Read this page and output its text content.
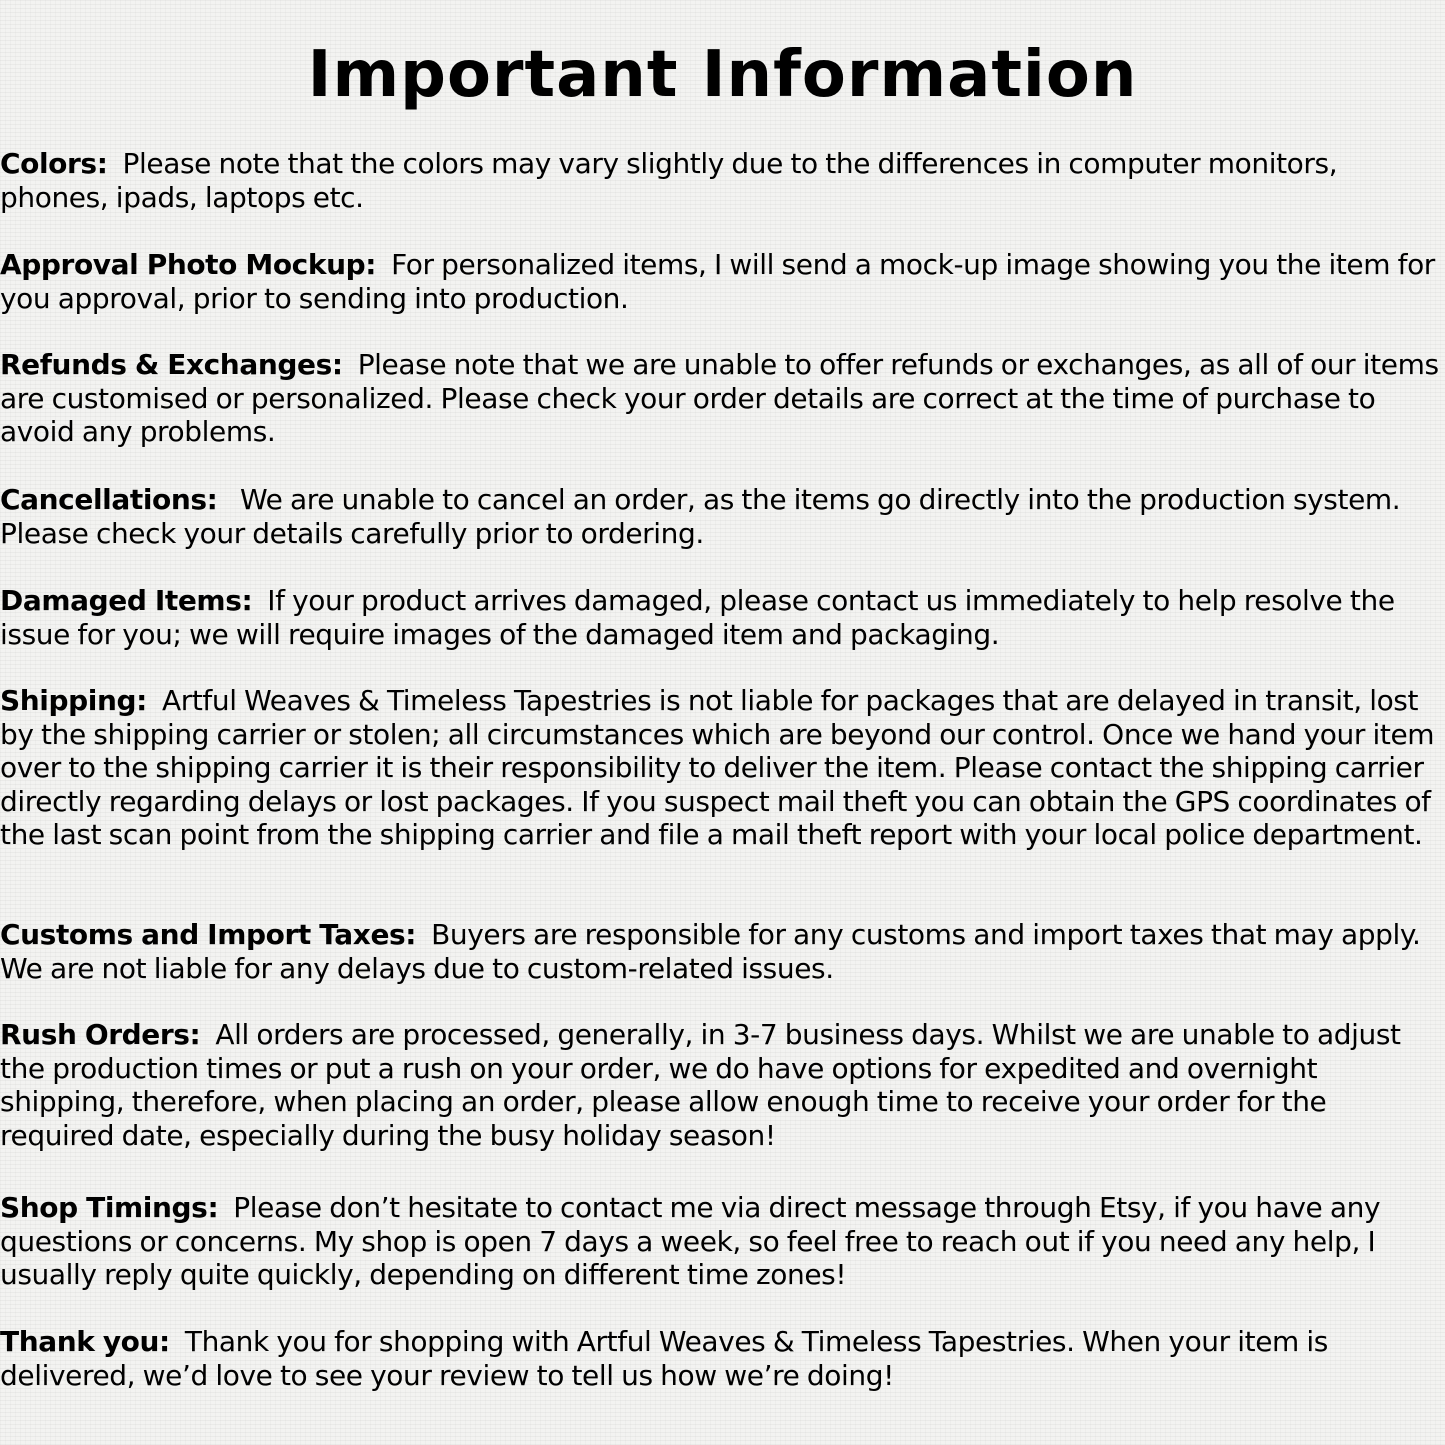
Important Information

Colors: Please note that the colors may vary slightly due to the differences in computer monitors, phones, ipads, laptops etc.

Approval Photo Mockup: For personalized items, I will send a mock-up image showing you the item for you approval, prior to sending into production.

Refunds & Exchanges: Please note that we are unable to offer refunds or exchanges, as all of our items are customised or personalized. Please check your order details are correct at the time of purchase to avoid any problems.

Cancellations:   We are unable to cancel an order, as the items go directly into the production system. Please check your details carefully prior to ordering.

Damaged Items: If your product arrives damaged, please contact us immediately to help resolve the issue for you; we will require images of the damaged item and packaging.

Shipping: Artful Weaves & Timeless Tapestries is not liable for packages that are delayed in transit, lost by the shipping carrier or stolen; all circumstances which are beyond our control. Once we hand your item over to the shipping carrier it is their responsibility to deliver the item. Please contact the shipping carrier directly regarding delays or lost packages. If you suspect mail theft you can obtain the GPS coordinates of the last scan point from the shipping carrier and file a mail theft report with your local police department.

Customs and Import Taxes: Buyers are responsible for any customs and import taxes that may apply. We are not liable for any delays due to custom-related issues.

Rush Orders: All orders are processed, generally, in 3-7 business days. Whilst we are unable to adjust the production times or put a rush on your order, we do have options for expedited and overnight shipping, therefore, when placing an order, please allow enough time to receive your order for the required date, especially during the busy holiday season!

Shop Timings: Please don’t hesitate to contact me via direct message through Etsy, if you have any questions or concerns. My shop is open 7 days a week, so feel free to reach out if you need any help, I usually reply quite quickly, depending on different time zones!

Thank you: Thank you for shopping with Artful Weaves & Timeless Tapestries. When your item is delivered, we’d love to see your review to tell us how we’re doing!
